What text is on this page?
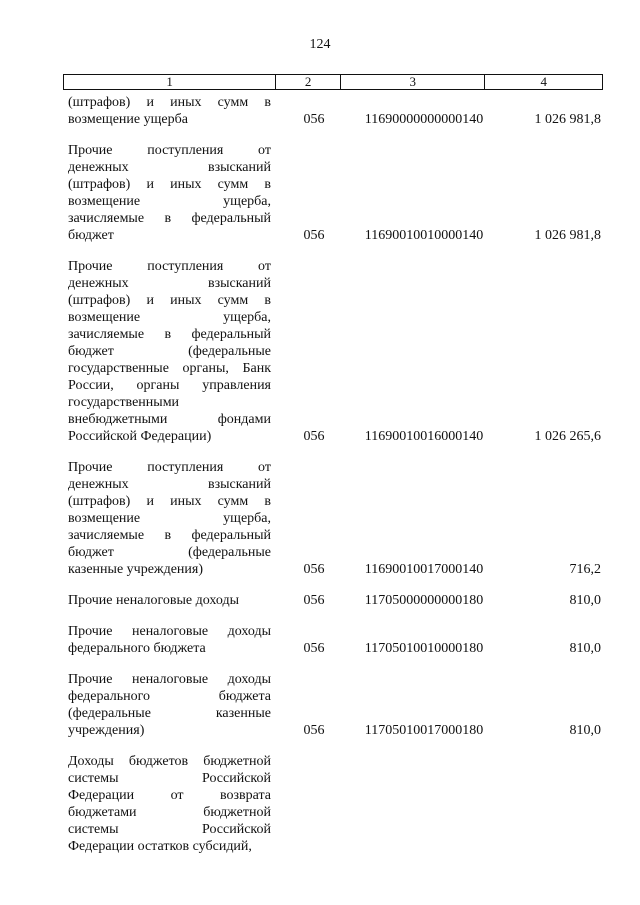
124
1	2	3	4
(штрафов) и иных сумм в
возмещение ущерба	056	11690000000000140	1 026 981,8
Прочие поступления от
денежных взысканий
(штрафов) и иных сумм в
возмещение ущерба,
зачисляемые в федеральный
бюджет	056	11690010010000140	1 026 981,8
Прочие поступления от
денежных взысканий
(штрафов) и иных сумм в
возмещение ущерба,
зачисляемые в федеральный
бюджет (федеральные
государственные органы, Банк
России, органы управления
государственными
внебюджетными фондами
Российской Федерации)	056	11690010016000140	1 026 265,6
Прочие поступления от
денежных взысканий
(штрафов) и иных сумм в
возмещение ущерба,
зачисляемые в федеральный
бюджет (федеральные
казенные учреждения)	056	11690010017000140	716,2
Прочие неналоговые доходы	056	11705000000000180	810,0
Прочие неналоговые доходы
федерального бюджета	056	11705010010000180	810,0
Прочие неналоговые доходы
федерального бюджета
(федеральные казенные
учреждения)	056	11705010017000180	810,0
Доходы бюджетов бюджетной
системы Российской
Федерации от возврата
бюджетами бюджетной
системы Российской
Федерации остатков субсидий,
